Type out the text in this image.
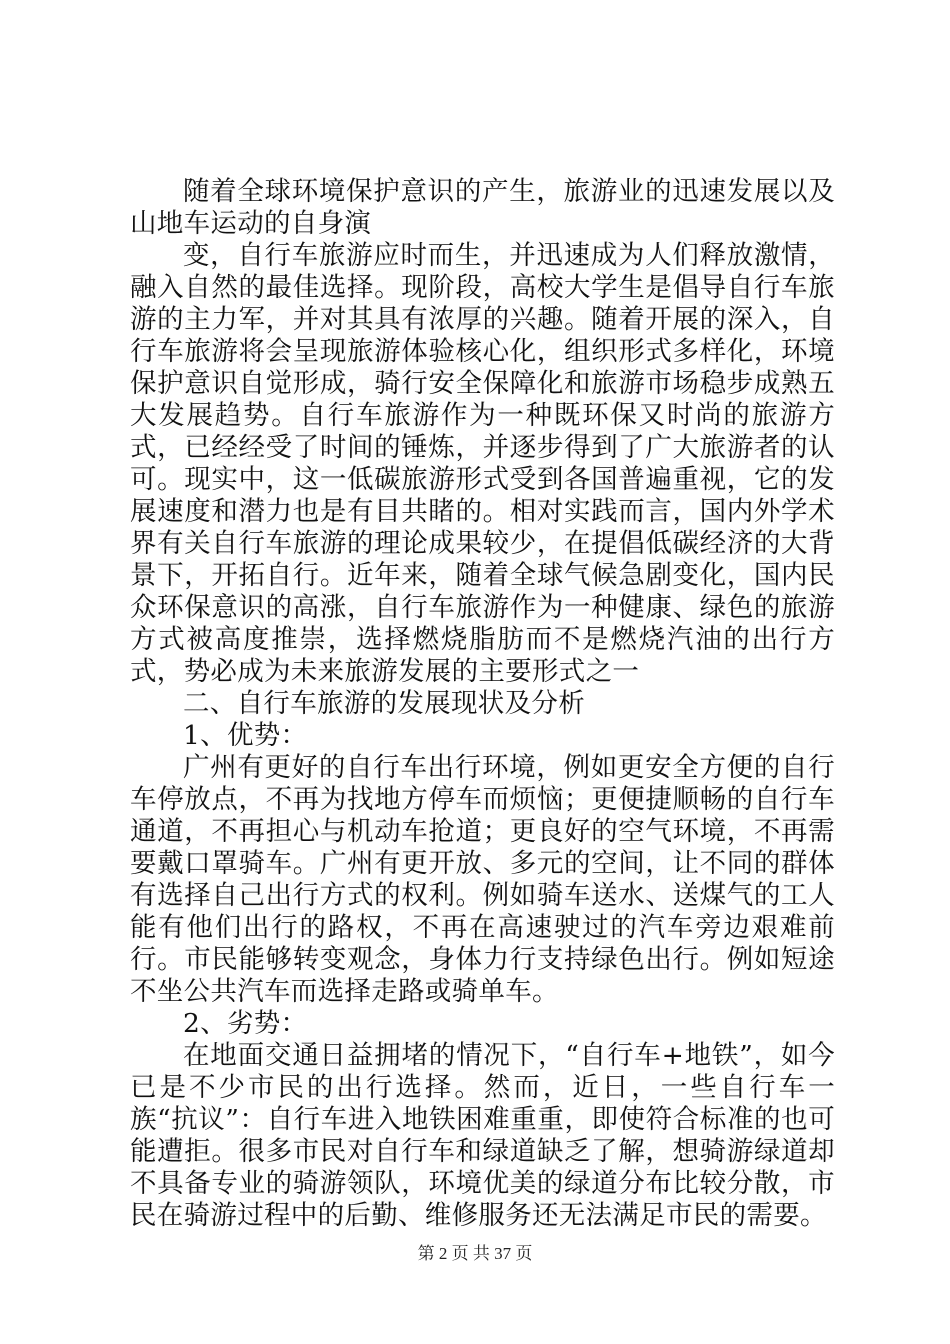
随着全球环境保护意识的产生，旅游业的迅速发展以及山地车运动的自身演

变，自行车旅游应时而生，并迅速成为人们释放激情，融入自然的最佳选择。现阶段，高校大学生是倡导自行车旅游的主力军，并对其具有浓厚的兴趣。随着开展的深入，自行车旅游将会呈现旅游体验核心化，组织形式多样化，环境保护意识自觉形成，骑行安全保障化和旅游市场稳步成熟五大发展趋势。自行车旅游作为一种既环保又时尚的旅游方式，已经经受了时间的锤炼，并逐步得到了广大旅游者的认可。现实中，这一低碳旅游形式受到各国普遍重视，它的发展速度和潜力也是有目共睹的。相对实践而言，国内外学术界有关自行车旅游的理论成果较少，在提倡低碳经济的大背景下，开拓自行。近年来，随着全球气候急剧变化，国内民众环保意识的高涨，自行车旅游作为一种健康、绿色的旅游方式被高度推崇，选择燃烧脂肪而不是燃烧汽油的出行方式，势必成为未来旅游发展的主要形式之一

二、自行车旅游的发展现状及分析

1、优势：

广州有更好的自行车出行环境，例如更安全方便的自行车停放点，不再为找地方停车而烦恼；更便捷顺畅的自行车通道，不再担心与机动车抢道；更良好的空气环境，不再需要戴口罩骑车。广州有更开放、多元的空间，让不同的群体有选择自己出行方式的权利。例如骑车送水、送煤气的工人能有他们出行的路权，不再在高速驶过的汽车旁边艰难前行。市民能够转变观念，身体力行支持绿色出行。例如短途不坐公共汽车而选择走路或骑单车。

2、劣势：

在地面交通日益拥堵的情况下，“自行车+地铁”，如今已是不少市民的出行选择。然而，近日，一些自行车一族“抗议”：自行车进入地铁困难重重，即使符合标准的也可能遭拒。很多市民对自行车和绿道缺乏了解，想骑游绿道却不具备专业的骑游领队，环境优美的绿道分布比较分散，市民在骑游过程中的后勤、维修服务还无法满足市民的需要。

第 2 页 共 37 页
